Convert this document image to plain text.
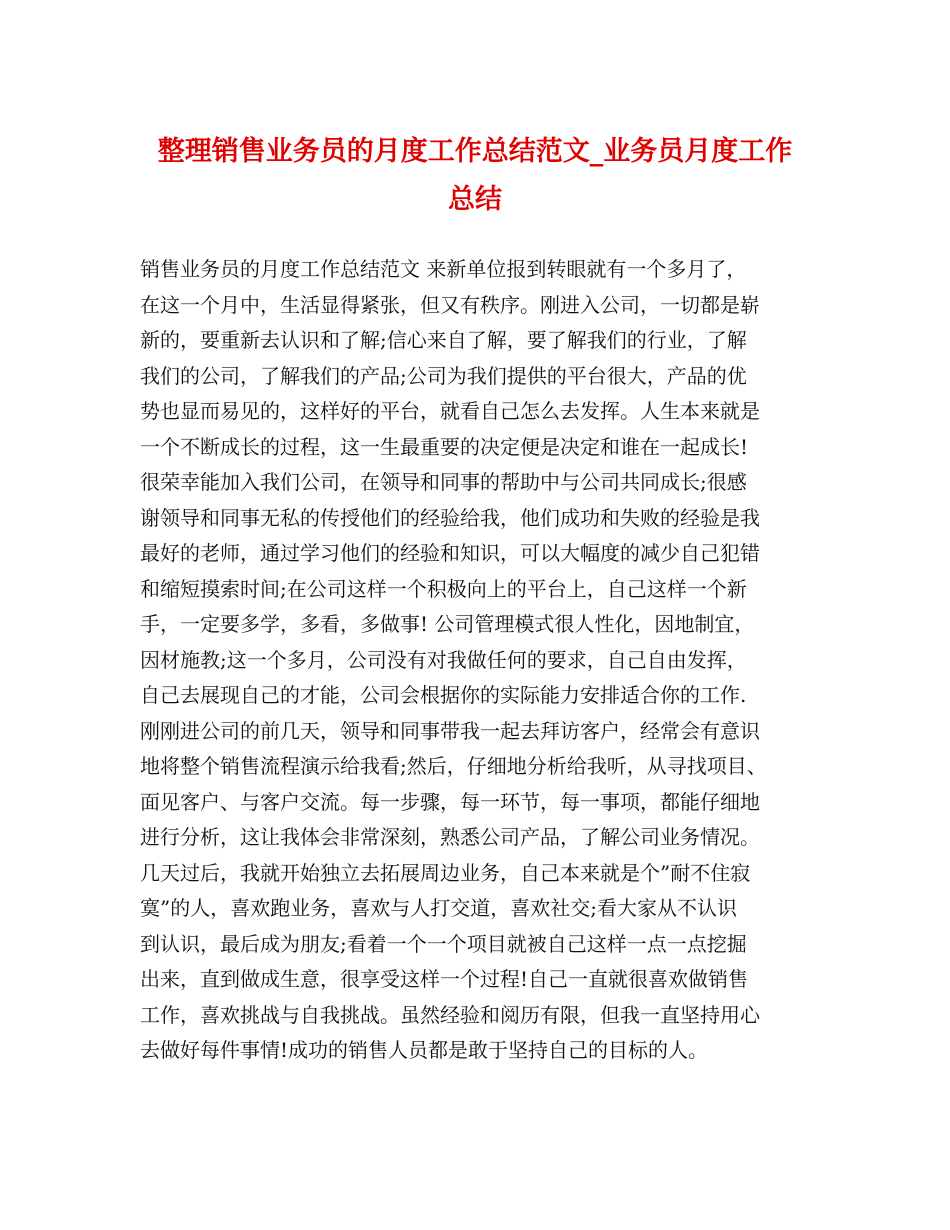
整理销售业务员的月度工作总结范文_业务员月度工作
总结
销售业务员的月度工作总结范文 来新单位报到转眼就有一个多月了，
在这一个月中，生活显得紧张，但又有秩序。刚进入公司，一切都是崭
新的，要重新去认识和了解;信心来自了解，要了解我们的行业，了解
我们的公司，了解我们的产品;公司为我们提供的平台很大，产品的优
势也显而易见的，这样好的平台，就看自己怎么去发挥。人生本来就是
一个不断成长的过程，这一生最重要的决定便是决定和谁在一起成长!
很荣幸能加入我们公司，在领导和同事的帮助中与公司共同成长;很感
谢领导和同事无私的传授他们的经验给我，他们成功和失败的经验是我
最好的老师，通过学习他们的经验和知识，可以大幅度的减少自己犯错
和缩短摸索时间;在公司这样一个积极向上的平台上，自己这样一个新
手，一定要多学，多看，多做事! 公司管理模式很人性化，因地制宜，
因材施教;这一个多月，公司没有对我做任何的要求，自己自由发挥，
自己去展现自己的才能，公司会根据你的实际能力安排适合你的工作.
刚刚进公司的前几天，领导和同事带我一起去拜访客户，经常会有意识
地将整个销售流程演示给我看;然后，仔细地分析给我听，从寻找项目、
面见客户、与客户交流。每一步骤，每一环节，每一事项，都能仔细地
进行分析，这让我体会非常深刻，熟悉公司产品，了解公司业务情况。
几天过后，我就开始独立去拓展周边业务，自己本来就是个”耐不住寂
寞”的人，喜欢跑业务，喜欢与人打交道，喜欢社交;看大家从不认识
到认识，最后成为朋友;看着一个一个项目就被自己这样一点一点挖掘
出来，直到做成生意，很享受这样一个过程!自己一直就很喜欢做销售
工作，喜欢挑战与自我挑战。虽然经验和阅历有限，但我一直坚持用心
去做好每件事情!成功的销售人员都是敢于坚持自己的目标的人。
